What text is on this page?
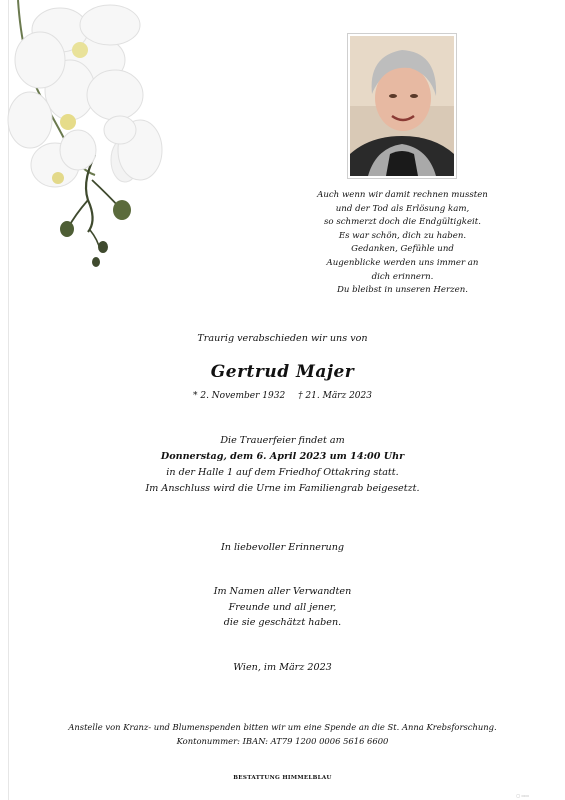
Auch wenn wir damit rechnen mussten
und der Tod als Erlösung kam,
so schmerzt doch die Endgültigkeit.
Es war schön, dich zu haben.
Gedanken, Gefühle und
Augenblicke werden uns immer an
dich erinnern.
Du bleibst in unseren Herzen.
Traurig verabschieden wir uns von
Gertrud Majer
* 2. November 1932 † 21. März 2023
Die Trauerfeier findet am
Donnerstag, dem 6. April 2023 um 14:00 Uhr
in der Halle 1 auf dem Friedhof Ottakring statt.
Im Anschluss wird die Urne im Familiengrab beigesetzt.
In liebevoller Erinnerung
Im Namen aller Verwandten
Freunde und all jener,
die sie geschätzt haben.
Wien, im März 2023
Anstelle von Kranz- und Blumenspenden bitten wir um eine Spende an die St. Anna Krebsforschung.
Kontonummer: IBAN: AT79 1200 0006 5616 6600
BESTATTUNG HIMMELBLAU
▢ ▭▭
